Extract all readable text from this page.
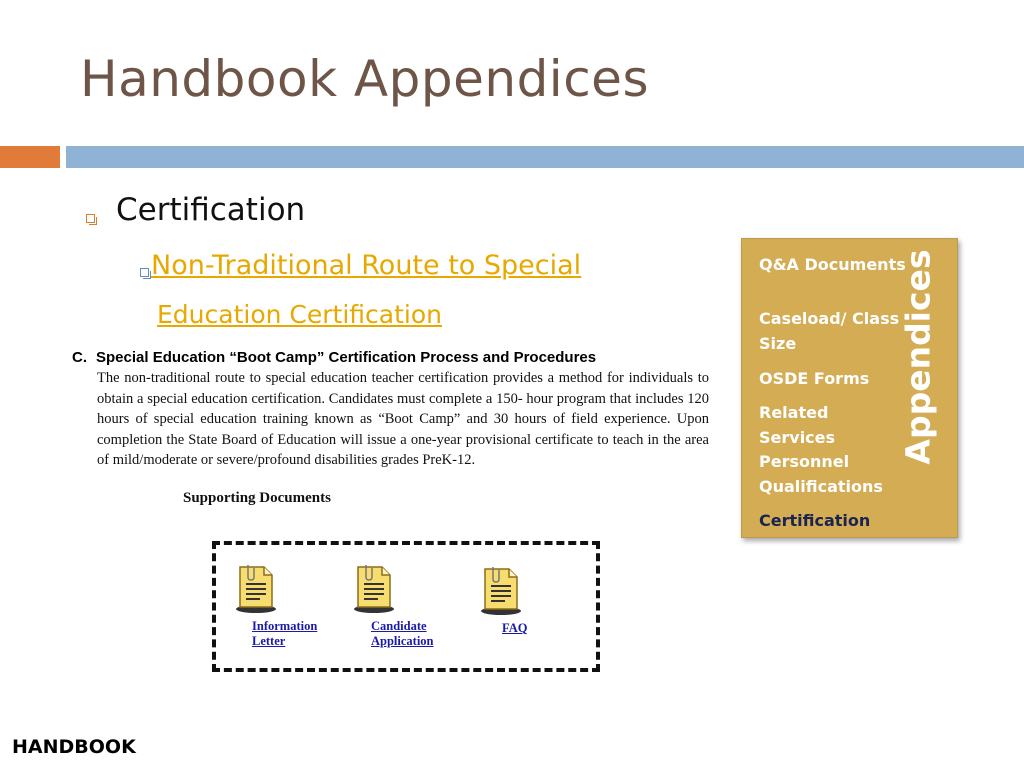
Handbook Appendices

Certification
Non-Traditional Route to Special
Education Certification
C. Special Education “Boot Camp” Certification Process and Procedures
The non-traditional route to special education teacher certification provides a method for individuals to obtain a special education certification. Candidates must complete a 150- hour program that includes 120 hours of special education training known as “Boot Camp” and 30 hours of field experience. Upon completion the State Board of Education will issue a one-year provisional certificate to teach in the area of mild/moderate or severe/profound disabilities grades PreK-12.
Supporting Documents
Information
Letter
Candidate
Application
FAQ
Q&A Documents
Caseload/ Class Size
OSDE Forms
Related Services Personnel Qualifications
Certification
Appendices
HANDBOOK
